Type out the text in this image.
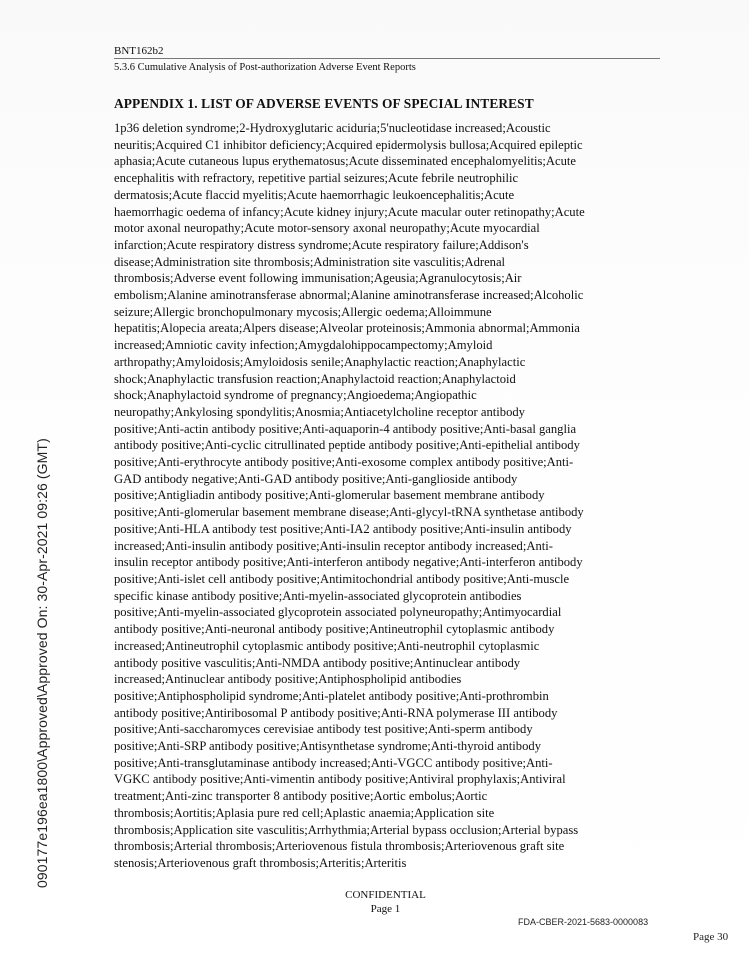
090177e196ea1800\Approved\Approved On: 30-Apr-2021 09:26 (GMT)
BNT162b2
5.3.6 Cumulative Analysis of Post-authorization Adverse Event Reports
APPENDIX 1. LIST OF ADVERSE EVENTS OF SPECIAL INTEREST
1p36 deletion syndrome;2-Hydroxyglutaric aciduria;5'nucleotidase increased;Acoustic
neuritis;Acquired C1 inhibitor deficiency;Acquired epidermolysis bullosa;Acquired epileptic
aphasia;Acute cutaneous lupus erythematosus;Acute disseminated encephalomyelitis;Acute
encephalitis with refractory, repetitive partial seizures;Acute febrile neutrophilic
dermatosis;Acute flaccid myelitis;Acute haemorrhagic leukoencephalitis;Acute
haemorrhagic oedema of infancy;Acute kidney injury;Acute macular outer retinopathy;Acute
motor axonal neuropathy;Acute motor-sensory axonal neuropathy;Acute myocardial
infarction;Acute respiratory distress syndrome;Acute respiratory failure;Addison's
disease;Administration site thrombosis;Administration site vasculitis;Adrenal
thrombosis;Adverse event following immunisation;Ageusia;Agranulocytosis;Air
embolism;Alanine aminotransferase abnormal;Alanine aminotransferase increased;Alcoholic
seizure;Allergic bronchopulmonary mycosis;Allergic oedema;Alloimmune
hepatitis;Alopecia areata;Alpers disease;Alveolar proteinosis;Ammonia abnormal;Ammonia
increased;Amniotic cavity infection;Amygdalohippocampectomy;Amyloid
arthropathy;Amyloidosis;Amyloidosis senile;Anaphylactic reaction;Anaphylactic
shock;Anaphylactic transfusion reaction;Anaphylactoid reaction;Anaphylactoid
shock;Anaphylactoid syndrome of pregnancy;Angioedema;Angiopathic
neuropathy;Ankylosing spondylitis;Anosmia;Antiacetylcholine receptor antibody
positive;Anti-actin antibody positive;Anti-aquaporin-4 antibody positive;Anti-basal ganglia
antibody positive;Anti-cyclic citrullinated peptide antibody positive;Anti-epithelial antibody
positive;Anti-erythrocyte antibody positive;Anti-exosome complex antibody positive;Anti-
GAD antibody negative;Anti-GAD antibody positive;Anti-ganglioside antibody
positive;Antigliadin antibody positive;Anti-glomerular basement membrane antibody
positive;Anti-glomerular basement membrane disease;Anti-glycyl-tRNA synthetase antibody
positive;Anti-HLA antibody test positive;Anti-IA2 antibody positive;Anti-insulin antibody
increased;Anti-insulin antibody positive;Anti-insulin receptor antibody increased;Anti-
insulin receptor antibody positive;Anti-interferon antibody negative;Anti-interferon antibody
positive;Anti-islet cell antibody positive;Antimitochondrial antibody positive;Anti-muscle
specific kinase antibody positive;Anti-myelin-associated glycoprotein antibodies
positive;Anti-myelin-associated glycoprotein associated polyneuropathy;Antimyocardial
antibody positive;Anti-neuronal antibody positive;Antineutrophil cytoplasmic antibody
increased;Antineutrophil cytoplasmic antibody positive;Anti-neutrophil cytoplasmic
antibody positive vasculitis;Anti-NMDA antibody positive;Antinuclear antibody
increased;Antinuclear antibody positive;Antiphospholipid antibodies
positive;Antiphospholipid syndrome;Anti-platelet antibody positive;Anti-prothrombin
antibody positive;Antiribosomal P antibody positive;Anti-RNA polymerase III antibody
positive;Anti-saccharomyces cerevisiae antibody test positive;Anti-sperm antibody
positive;Anti-SRP antibody positive;Antisynthetase syndrome;Anti-thyroid antibody
positive;Anti-transglutaminase antibody increased;Anti-VGCC antibody positive;Anti-
VGKC antibody positive;Anti-vimentin antibody positive;Antiviral prophylaxis;Antiviral
treatment;Anti-zinc transporter 8 antibody positive;Aortic embolus;Aortic
thrombosis;Aortitis;Aplasia pure red cell;Aplastic anaemia;Application site
thrombosis;Application site vasculitis;Arrhythmia;Arterial bypass occlusion;Arterial bypass
thrombosis;Arterial thrombosis;Arteriovenous fistula thrombosis;Arteriovenous graft site
stenosis;Arteriovenous graft thrombosis;Arteritis;Arteritis
CONFIDENTIAL
Page 1
FDA-CBER-2021-5683-0000083
Page 30
